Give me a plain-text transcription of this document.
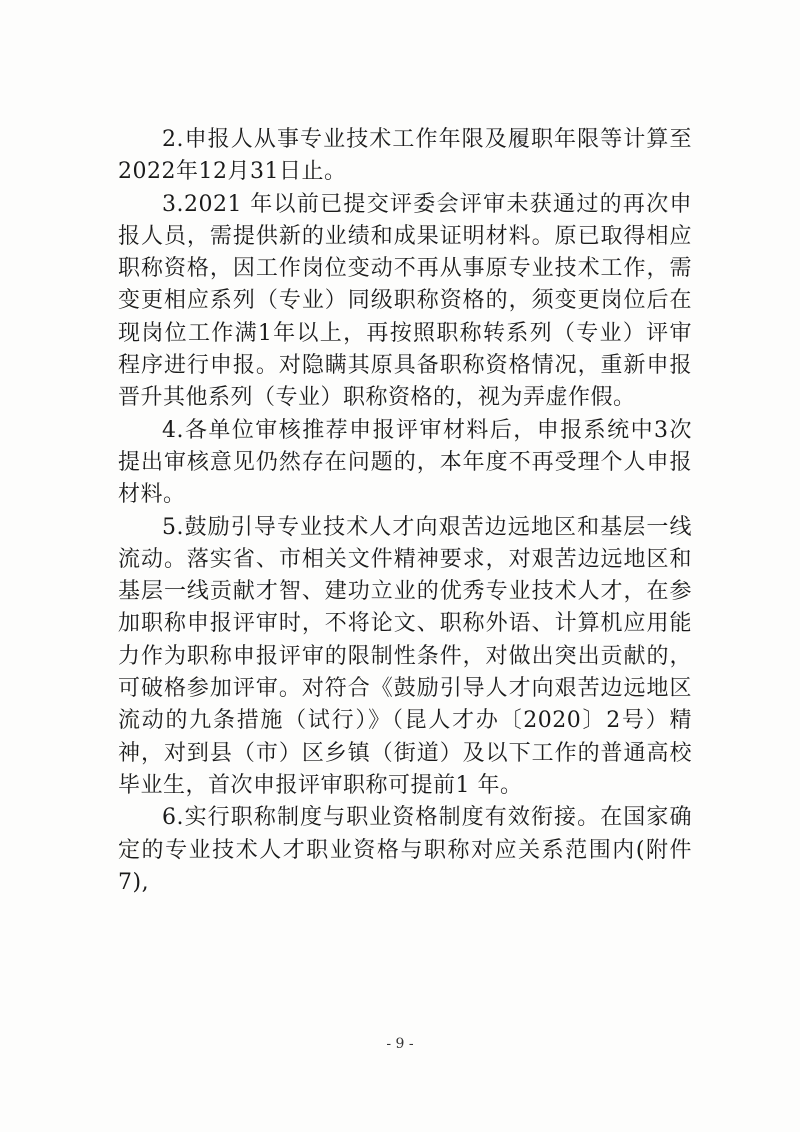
2.申报人从事专业技术工作年限及履职年限等计算至2022年12月31日止。

3.2021 年以前已提交评委会评审未获通过的再次申报人员，需提供新的业绩和成果证明材料。原已取得相应职称资格，因工作岗位变动不再从事原专业技术工作，需变更相应系列（专业）同级职称资格的，须变更岗位后在现岗位工作满1年以上，再按照职称转系列（专业）评审程序进行申报。对隐瞒其原具备职称资格情况，重新申报晋升其他系列（专业）职称资格的，视为弄虚作假。

4.各单位审核推荐申报评审材料后，申报系统中3次提出审核意见仍然存在问题的，本年度不再受理个人申报材料。

5.鼓励引导专业技术人才向艰苦边远地区和基层一线流动。落实省、市相关文件精神要求，对艰苦边远地区和基层一线贡献才智、建功立业的优秀专业技术人才，在参加职称申报评审时，不将论文、职称外语、计算机应用能力作为职称申报评审的限制性条件，对做出突出贡献的，可破格参加评审。对符合《鼓励引导人才向艰苦边远地区流动的九条措施（试行）》（昆人才办〔2020〕2号）精神，对到县（市）区乡镇（街道）及以下工作的普通高校毕业生，首次申报评审职称可提前1 年。

6.实行职称制度与职业资格制度有效衔接。在国家确定的专业技术人才职业资格与职称对应关系范围内(附件7),

- 9 -
